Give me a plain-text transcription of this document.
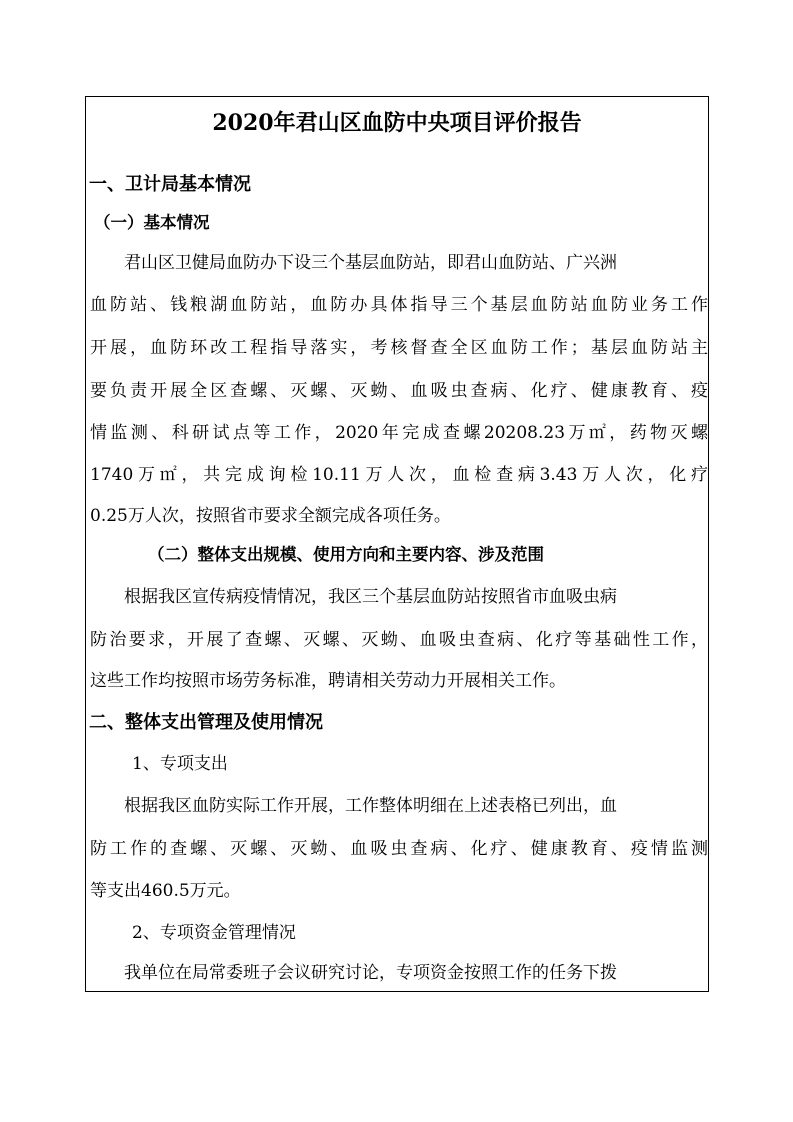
2020年君山区血防中央项目评价报告
一、卫计局基本情况
（一）基本情况
君山区卫健局血防办下设三个基层血防站，即君山血防站、广兴洲
血防站、钱粮湖血防站，血防办具体指导三个基层血防站血防业务工作
开展，血防环改工程指导落实，考核督查全区血防工作；基层血防站主
要负责开展全区查螺、灭螺、灭蚴、血吸虫查病、化疗、健康教育、疫
情监测、科研试点等工作，2020年完成查螺20208.23万㎡，药物灭螺
1740万㎡，共完成询检10.11万人次，血检查病3.43万人次，化疗
0.25万人次，按照省市要求全额完成各项任务。
（二）整体支出规模、使用方向和主要内容、涉及范围
根据我区宣传病疫情情况，我区三个基层血防站按照省市血吸虫病
防治要求，开展了查螺、灭螺、灭蚴、血吸虫查病、化疗等基础性工作，
这些工作均按照市场劳务标准，聘请相关劳动力开展相关工作。
二、整体支出管理及使用情况
1、专项支出
根据我区血防实际工作开展，工作整体明细在上述表格已列出，血
防工作的查螺、灭螺、灭蚴、血吸虫查病、化疗、健康教育、疫情监测
等支出460.5万元。
2、专项资金管理情况
我单位在局常委班子会议研究讨论，专项资金按照工作的任务下拨
